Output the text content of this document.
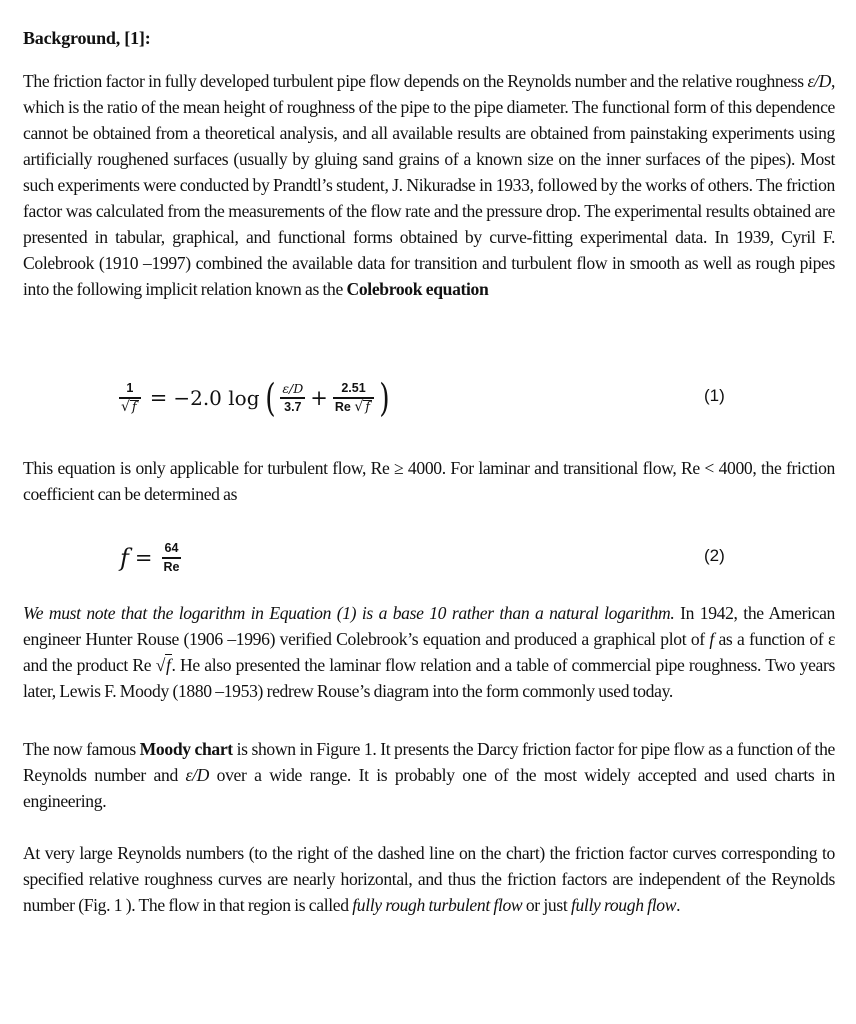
Background, [1]:
The friction factor in fully developed turbulent pipe flow depends on the Reynolds number and the relative roughness ε/D, which is the ratio of the mean height of roughness of the pipe to the pipe diameter. The functional form of this dependence cannot be obtained from a theoretical analysis, and all available results are obtained from painstaking experiments using artificially roughened surfaces (usually by gluing sand grains of a known size on the inner surfaces of the pipes). Most such experiments were conducted by Prandtl’s student, J. Nikuradse in 1933, followed by the works of others. The friction factor was calculated from the measurements of the flow rate and the pressure drop. The experimental results obtained are presented in tabular, graphical, and functional forms obtained by curve-fitting experimental data. In 1939, Cyril F. Colebrook (1910 –1997) combined the available data for transition and turbulent flow in smooth as well as rough pipes into the following implicit relation known as the Colebrook equation
$\frac{1}{√ f} = -2.0$ log ( $\frac{\varepsilon/D}{3.7} + \frac{2.51}{Re √ f}$ )	(1)
This equation is only applicable for turbulent flow, Re ≥ 4000. For laminar and transitional flow, Re < 4000, the friction coefficient can be determined as
$f = \frac{64}{Re}$	(2)
We must note that the logarithm in Equation (1) is a base 10 rather than a natural logarithm. In 1942, the American engineer Hunter Rouse (1906 –1996) verified Colebrook’s equation and produced a graphical plot of f as a function of ε and the product Re √f. He also presented the laminar flow relation and a table of commercial pipe roughness. Two years later, Lewis F. Moody (1880 –1953) redrew Rouse’s diagram into the form commonly used today.
The now famous Moody chart is shown in Figure 1. It presents the Darcy friction factor for pipe flow as a function of the Reynolds number and ε/D over a wide range. It is probably one of the most widely accepted and used charts in engineering.
At very large Reynolds numbers (to the right of the dashed line on the chart) the friction factor curves corresponding to specified relative roughness curves are nearly horizontal, and thus the friction factors are independent of the Reynolds number (Fig. 1 ). The flow in that region is called fully rough turbulent flow or just fully rough flow.
